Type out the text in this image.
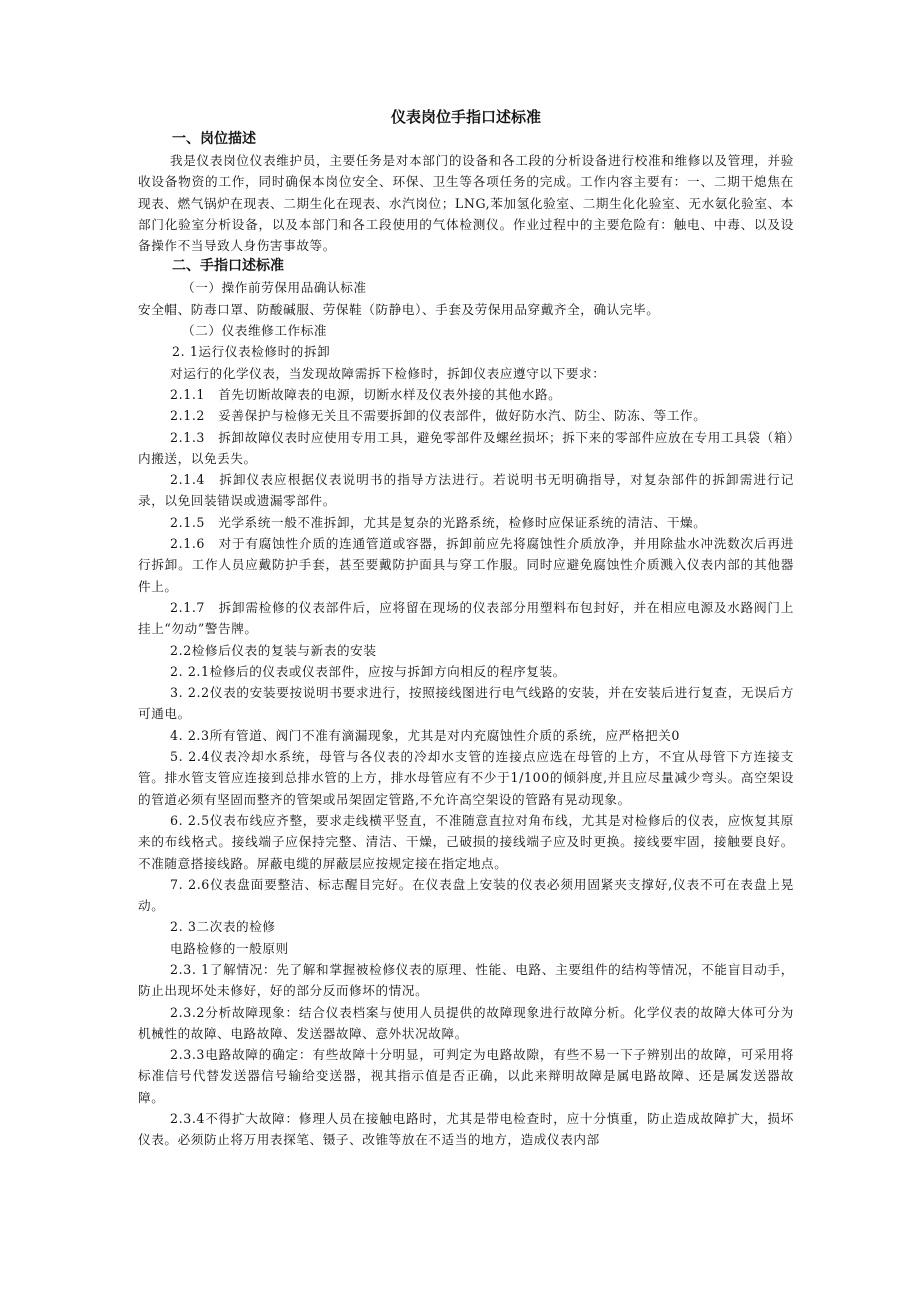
仪表岗位手指口述标准
一、岗位描述
我是仪表岗位仪表维护员，主要任务是对本部门的设备和各工段的分析设备进行校准和维修以及管理，并验收设备物资的工作，同时确保本岗位安全、环保、卫生等各项任务的完成。工作内容主要有：一、二期干熄焦在现表、燃气锅炉在现表、二期生化在现表、水汽岗位；LNG,苯加氢化验室、二期生化化验室、无水氨化验室、本部门化验室分析设备，以及本部门和各工段使用的气体检测仪。作业过程中的主要危险有：触电、中毒、以及设备操作不当导致人身伤害事故等。
二、手指口述标准
（一）操作前劳保用品确认标准
安全帽、防毒口罩、防酸碱服、劳保鞋（防静电）、手套及劳保用品穿戴齐全，确认完毕。
（二）仪表维修工作标准
2. 1运行仪表检修时的拆卸
对运行的化学仪表，当发现故障需拆下检修时，拆卸仪表应遵守以下要求：
2.1.1　首先切断故障表的电源，切断水样及仪表外接的其他水路。
2.1.2　妥善保护与检修无关且不需要拆卸的仪表部件，做好防水汽、防尘、防冻、等工作。
2.1.3　拆卸故障仪表时应使用专用工具，避免零部件及螺丝损坏；拆下来的零部件应放在专用工具袋（箱）内搬送，以免丢失。
2.1.4　拆卸仪表应根据仪表说明书的指导方法进行。若说明书无明确指导，对复杂部件的拆卸需进行记录，以免回装错误或遗漏零部件。
2.1.5　光学系统一般不准拆卸，尤其是复杂的光路系统，检修时应保证系统的清洁、干燥。
2.1.6　对于有腐蚀性介质的连通管道或容器，拆卸前应先将腐蚀性介质放净，并用除盐水冲洗数次后再进行拆卸。工作人员应戴防护手套，甚至要戴防护面具与穿工作服。同时应避免腐蚀性介质溅入仪表内部的其他器件上。
2.1.7　拆卸需检修的仪表部件后，应将留在现场的仪表部分用塑料布包封好，并在相应电源及水路阀门上挂上“勿动”警告牌。
2.2检修后仪表的复装与新表的安装
2. 2.1检修后的仪表或仪表部件，应按与拆卸方向相反的程序复装。
3. 2.2仪表的安装要按说明书要求进行，按照接线图进行电气线路的安装，并在安装后进行复查，无误后方可通电。
4. 2.3所有管道、阀门不准有滴漏现象，尤其是对内充腐蚀性介质的系统，应严格把关0
5. 2.4仪表冷却水系统，母管与各仪表的冷却水支管的连接点应选在母管的上方，不宜从母管下方连接支管。排水管支管应连接到总排水管的上方，排水母管应有不少于1/100的倾斜度,并且应尽量减少弯头。高空架设的管道必须有坚固而整齐的管架或吊架固定管路,不允许高空架设的管路有晃动现象。
6. 2.5仪表布线应齐整，要求走线横平竖直，不准随意直拉对角布线，尤其是对检修后的仪表，应恢复其原来的布线格式。接线端子应保持完整、清洁、干燥，己破损的接线端子应及时更换。接线要牢固，接触要良好。不准随意搭接线路。屏蔽电缆的屏蔽层应按规定接在指定地点。
7. 2.6仪表盘面要整洁、标志醒目完好。在仪表盘上安装的仪表必须用固紧夹支撑好,仪表不可在表盘上晃动。
2. 3二次表的检修
电路检修的一般原则
2.3. 1了解情况：先了解和掌握被检修仪表的原理、性能、电路、主要组件的结构等情况，不能盲目动手，防止出现坏处未修好，好的部分反而修坏的情况。
2.3.2分析故障现象：结合仪表档案与使用人员提供的故障现象进行故障分析。化学仪表的故障大体可分为机械性的故障、电路故障、发送器故障、意外状况故障。
2.3.3电路故障的确定：有些故障十分明显，可判定为电路故隙，有些不易一下子辨别出的故障，可采用将标准信号代替发送器信号输给变送器，视其指示值是否正确，以此来辩明故障是属电路故障、还是属发送器故障。
2.3.4不得扩大故障：修理人员在接触电路时，尤其是带电检查时，应十分慎重，防止造成故障扩大，损坏仪表。必须防止将万用表探笔、镊子、改锥等放在不适当的地方，造成仪表内部
